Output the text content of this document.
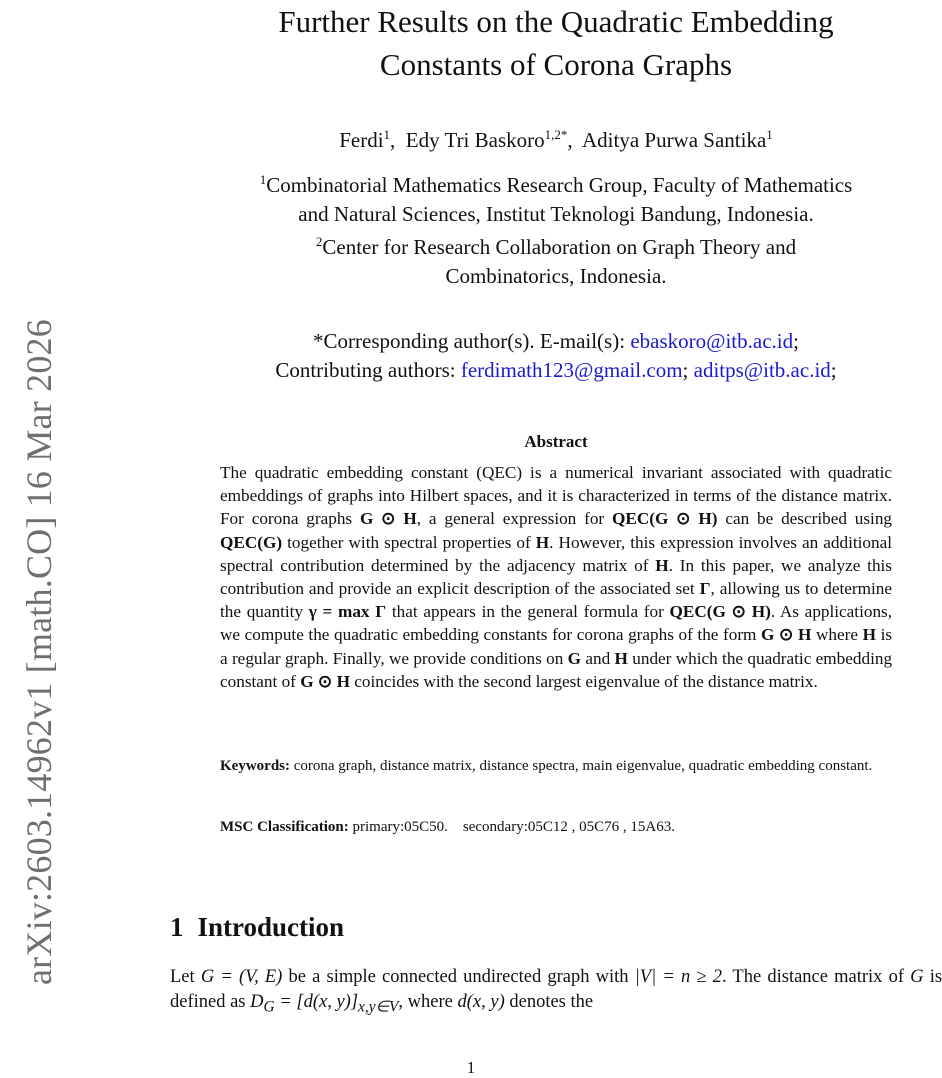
arXiv:2603.14962v1 [math.CO] 16 Mar 2026
Further Results on the Quadratic Embedding
Constants of Corona Graphs
Ferdi$^1$,  Edy Tri Baskoro$^{1,2*}$,  Aditya Purwa Santika$^1$
$^1$Combinatorial Mathematics Research Group, Faculty of Mathematics
and Natural Sciences, Institut Teknologi Bandung, Indonesia.
$^2$Center for Research Collaboration on Graph Theory and
Combinatorics, Indonesia.
*Corresponding author(s). E-mail(s): ebaskoro@itb.ac.id;
Contributing authors: ferdimath123@gmail.com; aditps@itb.ac.id;
Abstract
The quadratic embedding constant (QEC) is a numerical invariant associated with quadratic embeddings of graphs into Hilbert spaces, and it is characterized in terms of the distance matrix. For corona graphs G ⊙ H, a general expression for QEC(G ⊙ H) can be described using QEC(G) together with spectral properties of H. However, this expression involves an additional spectral contribution determined by the adjacency matrix of H. In this paper, we analyze this contribution and provide an explicit description of the associated set Γ, allowing us to determine the quantity γ = max Γ that appears in the general formula for QEC(G ⊙ H). As applications, we compute the quadratic embedding constants for corona graphs of the form G ⊙ H where H is a regular graph. Finally, we provide conditions on G and H under which the quadratic embedding constant of G ⊙ H coincides with the second largest eigenvalue of the distance matrix.
Keywords: corona graph, distance matrix, distance spectra, main eigenvalue, quadratic embedding constant.
MSC Classification: primary:05C50.    secondary:05C12 , 05C76 , 15A63.
1 Introduction
Let G = (V, E) be a simple connected undirected graph with |V| = n ≥ 2. The distance matrix of G is defined as $D_G = [d(x$, $y)]_{x,y\in V}$, where d(x, y) denotes the
1
